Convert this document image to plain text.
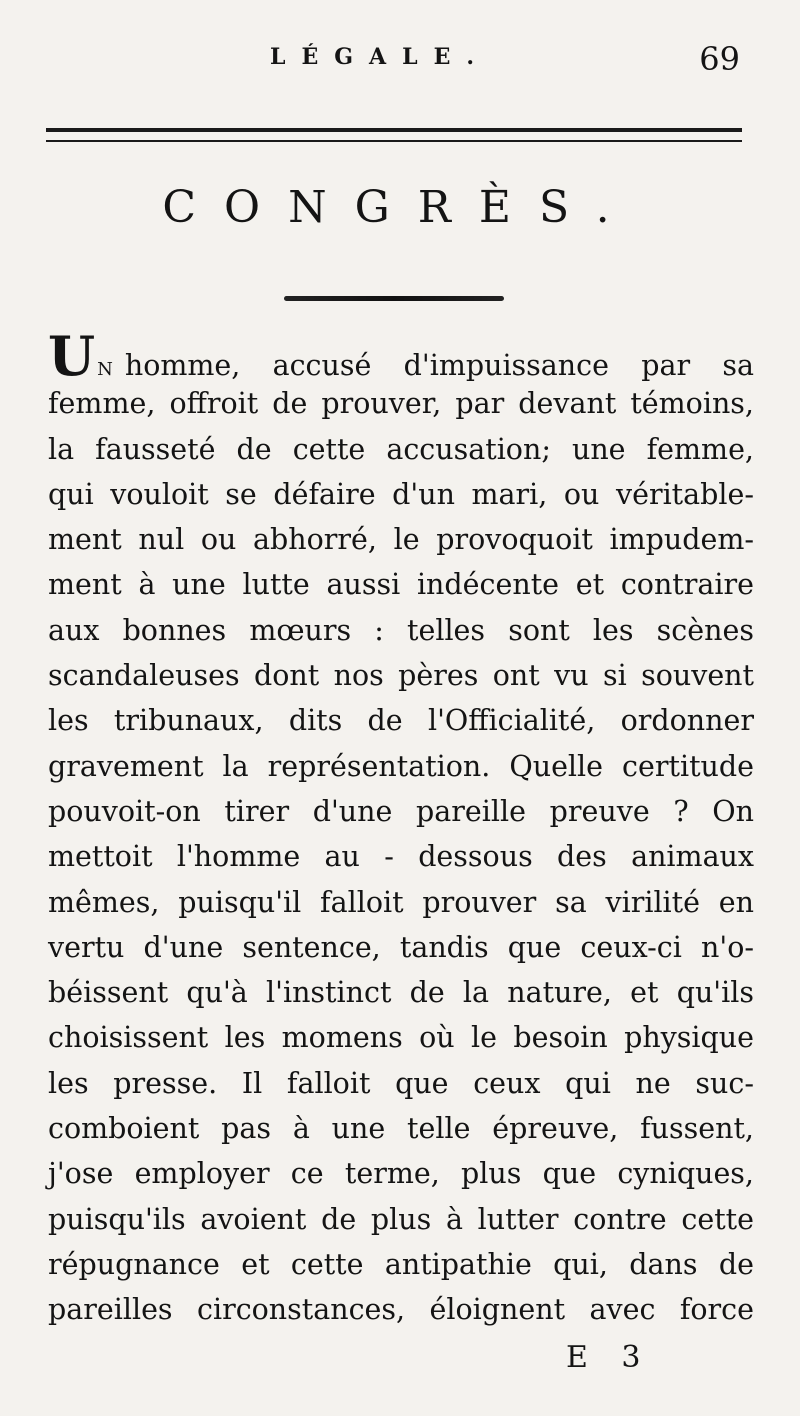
LÉGALE.	69
CONGRÈS.
U N homme, accusé d'impuissance par sa
femme, offroit de prouver, par devant témoins,
la fausseté de cette accusation; une femme,
qui vouloit se défaire d'un mari, ou véritable-
ment nul ou abhorré, le provoquoit impudem-
ment à une lutte aussi indécente et contraire
aux bonnes mœurs : telles sont les scènes
scandaleuses dont nos pères ont vu si souvent
les tribunaux, dits de l'Officialité, ordonner
gravement la représentation. Quelle certitude
pouvoit-on tirer d'une pareille preuve ? On
mettoit l'homme au - dessous des animaux
mêmes, puisqu'il falloit prouver sa virilité en
vertu d'une sentence, tandis que ceux-ci n'o-
béissent qu'à l'instinct de la nature, et qu'ils
choisissent les momens où le besoin physique
les presse. Il falloit que ceux qui ne suc-
comboient pas à une telle épreuve, fussent,
j'ose employer ce terme, plus que cyniques,
puisqu'ils avoient de plus à lutter contre cette
répugnance et cette antipathie qui, dans de
pareilles circonstances, éloignent avec force
E 3
